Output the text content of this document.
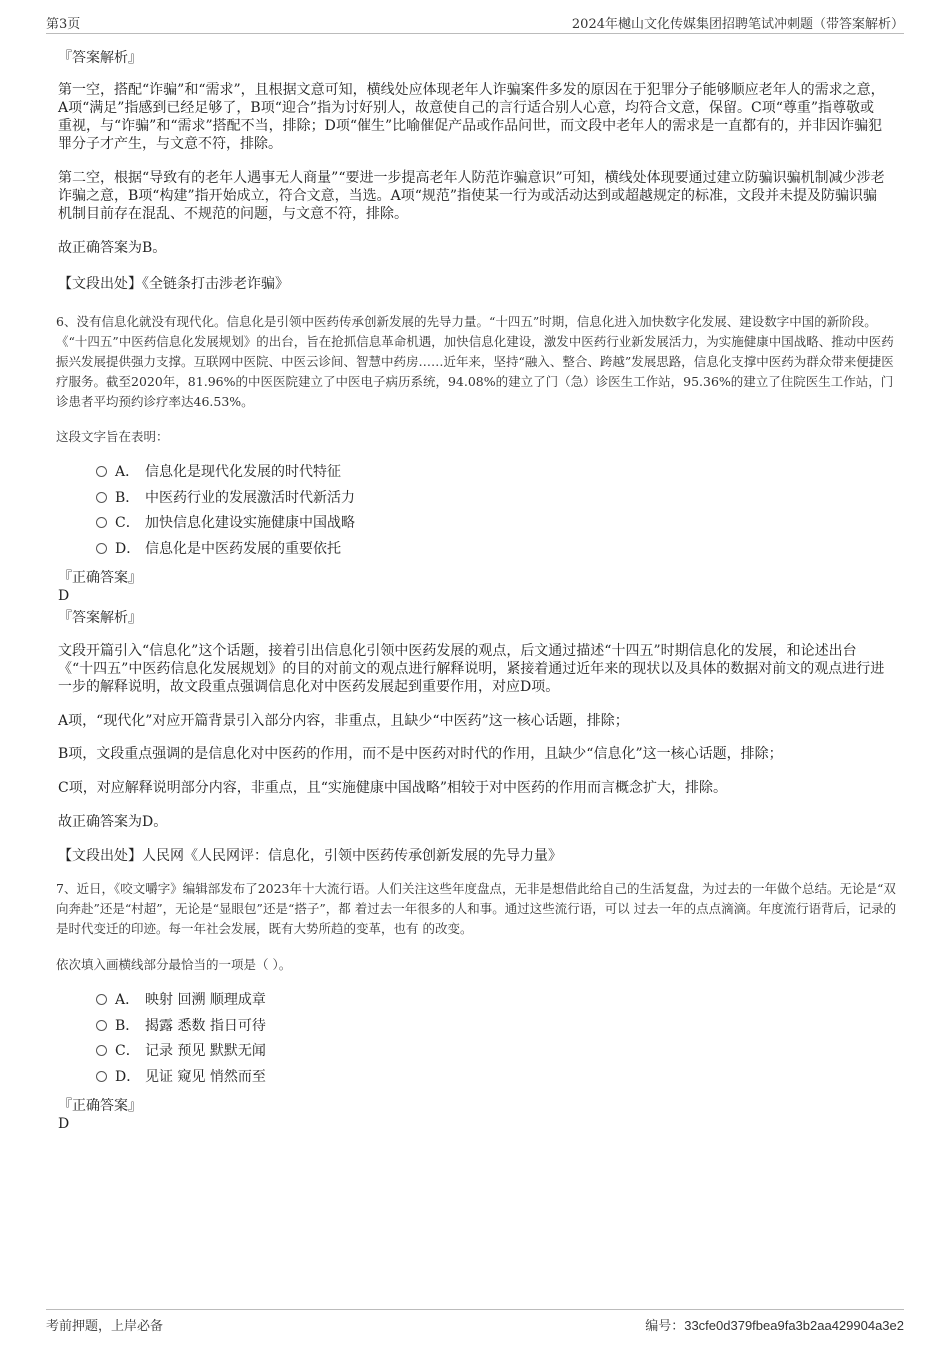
第3页	2024年樾山文化传媒集团招聘笔试冲刺题（带答案解析）
『答案解析』

第一空，搭配“诈骗”和“需求”，且根据文意可知，横线处应体现老年人诈骗案件多发的原因在于犯罪分子能够顺应老年人的需求之意，A项“满足”指感到已经足够了，B项“迎合”指为讨好别人，故意使自己的言行适合别人心意，均符合文意，保留。C项“尊重”指尊敬或重视，与“诈骗”和“需求”搭配不当，排除；D项“催生”比喻催促产品或作品问世，而文段中老年人的需求是一直都有的，并非因诈骗犯罪分子才产生，与文意不符，排除。

第二空，根据“导致有的老年人遇事无人商量”“要进一步提高老年人防范诈骗意识”可知，横线处体现要通过建立防骗识骗机制减少涉老诈骗之意，B项“构建”指开始成立，符合文意，当选。A项“规范”指使某一行为或活动达到或超越规定的标准，文段并未提及防骗识骗机制目前存在混乱、不规范的问题，与文意不符，排除。

故正确答案为B。

【文段出处】《全链条打击涉老诈骗》

6、没有信息化就没有现代化。信息化是引领中医药传承创新发展的先导力量。“十四五”时期，信息化进入加快数字化发展、建设数字中国的新阶段。《“十四五”中医药信息化发展规划》的出台，旨在抢抓信息革命机遇，加快信息化建设，激发中医药行业新发展活力，为实施健康中国战略、推动中医药振兴发展提供强力支撑。互联网中医院、中医云诊间、智慧中药房……近年来，坚持“融入、整合、跨越”发展思路，信息化支撑中医药为群众带来便捷医疗服务。截至2020年，81.96%的中医医院建立了中医电子病历系统，94.08%的建立了门（急）诊医生工作站，95.36%的建立了住院医生工作站，门诊患者平均预约诊疗率达46.53%。

这段文字旨在表明：

A． 信息化是现代化发展的时代特征
B． 中医药行业的发展激活时代新活力
C． 加快信息化建设实施健康中国战略
D． 信息化是中医药发展的重要依托
『正确答案』
D
『答案解析』

文段开篇引入“信息化”这个话题，接着引出信息化引领中医药发展的观点，后文通过描述“十四五”时期信息化的发展，和论述出台《“十四五”中医药信息化发展规划》的目的对前文的观点进行解释说明，紧接着通过近年来的现状以及具体的数据对前文的观点进行进一步的解释说明，故文段重点强调信息化对中医药发展起到重要作用，对应D项。

A项，“现代化”对应开篇背景引入部分内容，非重点，且缺少“中医药”这一核心话题，排除；

B项，文段重点强调的是信息化对中医药的作用，而不是中医药对时代的作用，且缺少“信息化”这一核心话题，排除；

C项，对应解释说明部分内容，非重点，且“实施健康中国战略”相较于对中医药的作用而言概念扩大，排除。

故正确答案为D。

【文段出处】人民网《人民网评：信息化，引领中医药传承创新发展的先导力量》

7、近日，《咬文嚼字》编辑部发布了2023年十大流行语。人们关注这些年度盘点，无非是想借此给自己的生活复盘，为过去的一年做个总结。无论是“双向奔赴”还是“村超”，无论是“显眼包”还是“搭子”，都 着过去一年很多的人和事。通过这些流行语，可以 过去一年的点点滴滴。年度流行语背后，记录的是时代变迁的印迹。每一年社会发展，既有大势所趋的变革，也有 的改变。

依次填入画横线部分最恰当的一项是（ ）。

A． 映射 回溯 顺理成章
B． 揭露 悉数 指日可待
C． 记录 预见 默默无闻
D． 见证 窥见 悄然而至
『正确答案』
D
考前押题，上岸必备	编号：33cfe0d379fbea9fa3b2aa429904a3e2
